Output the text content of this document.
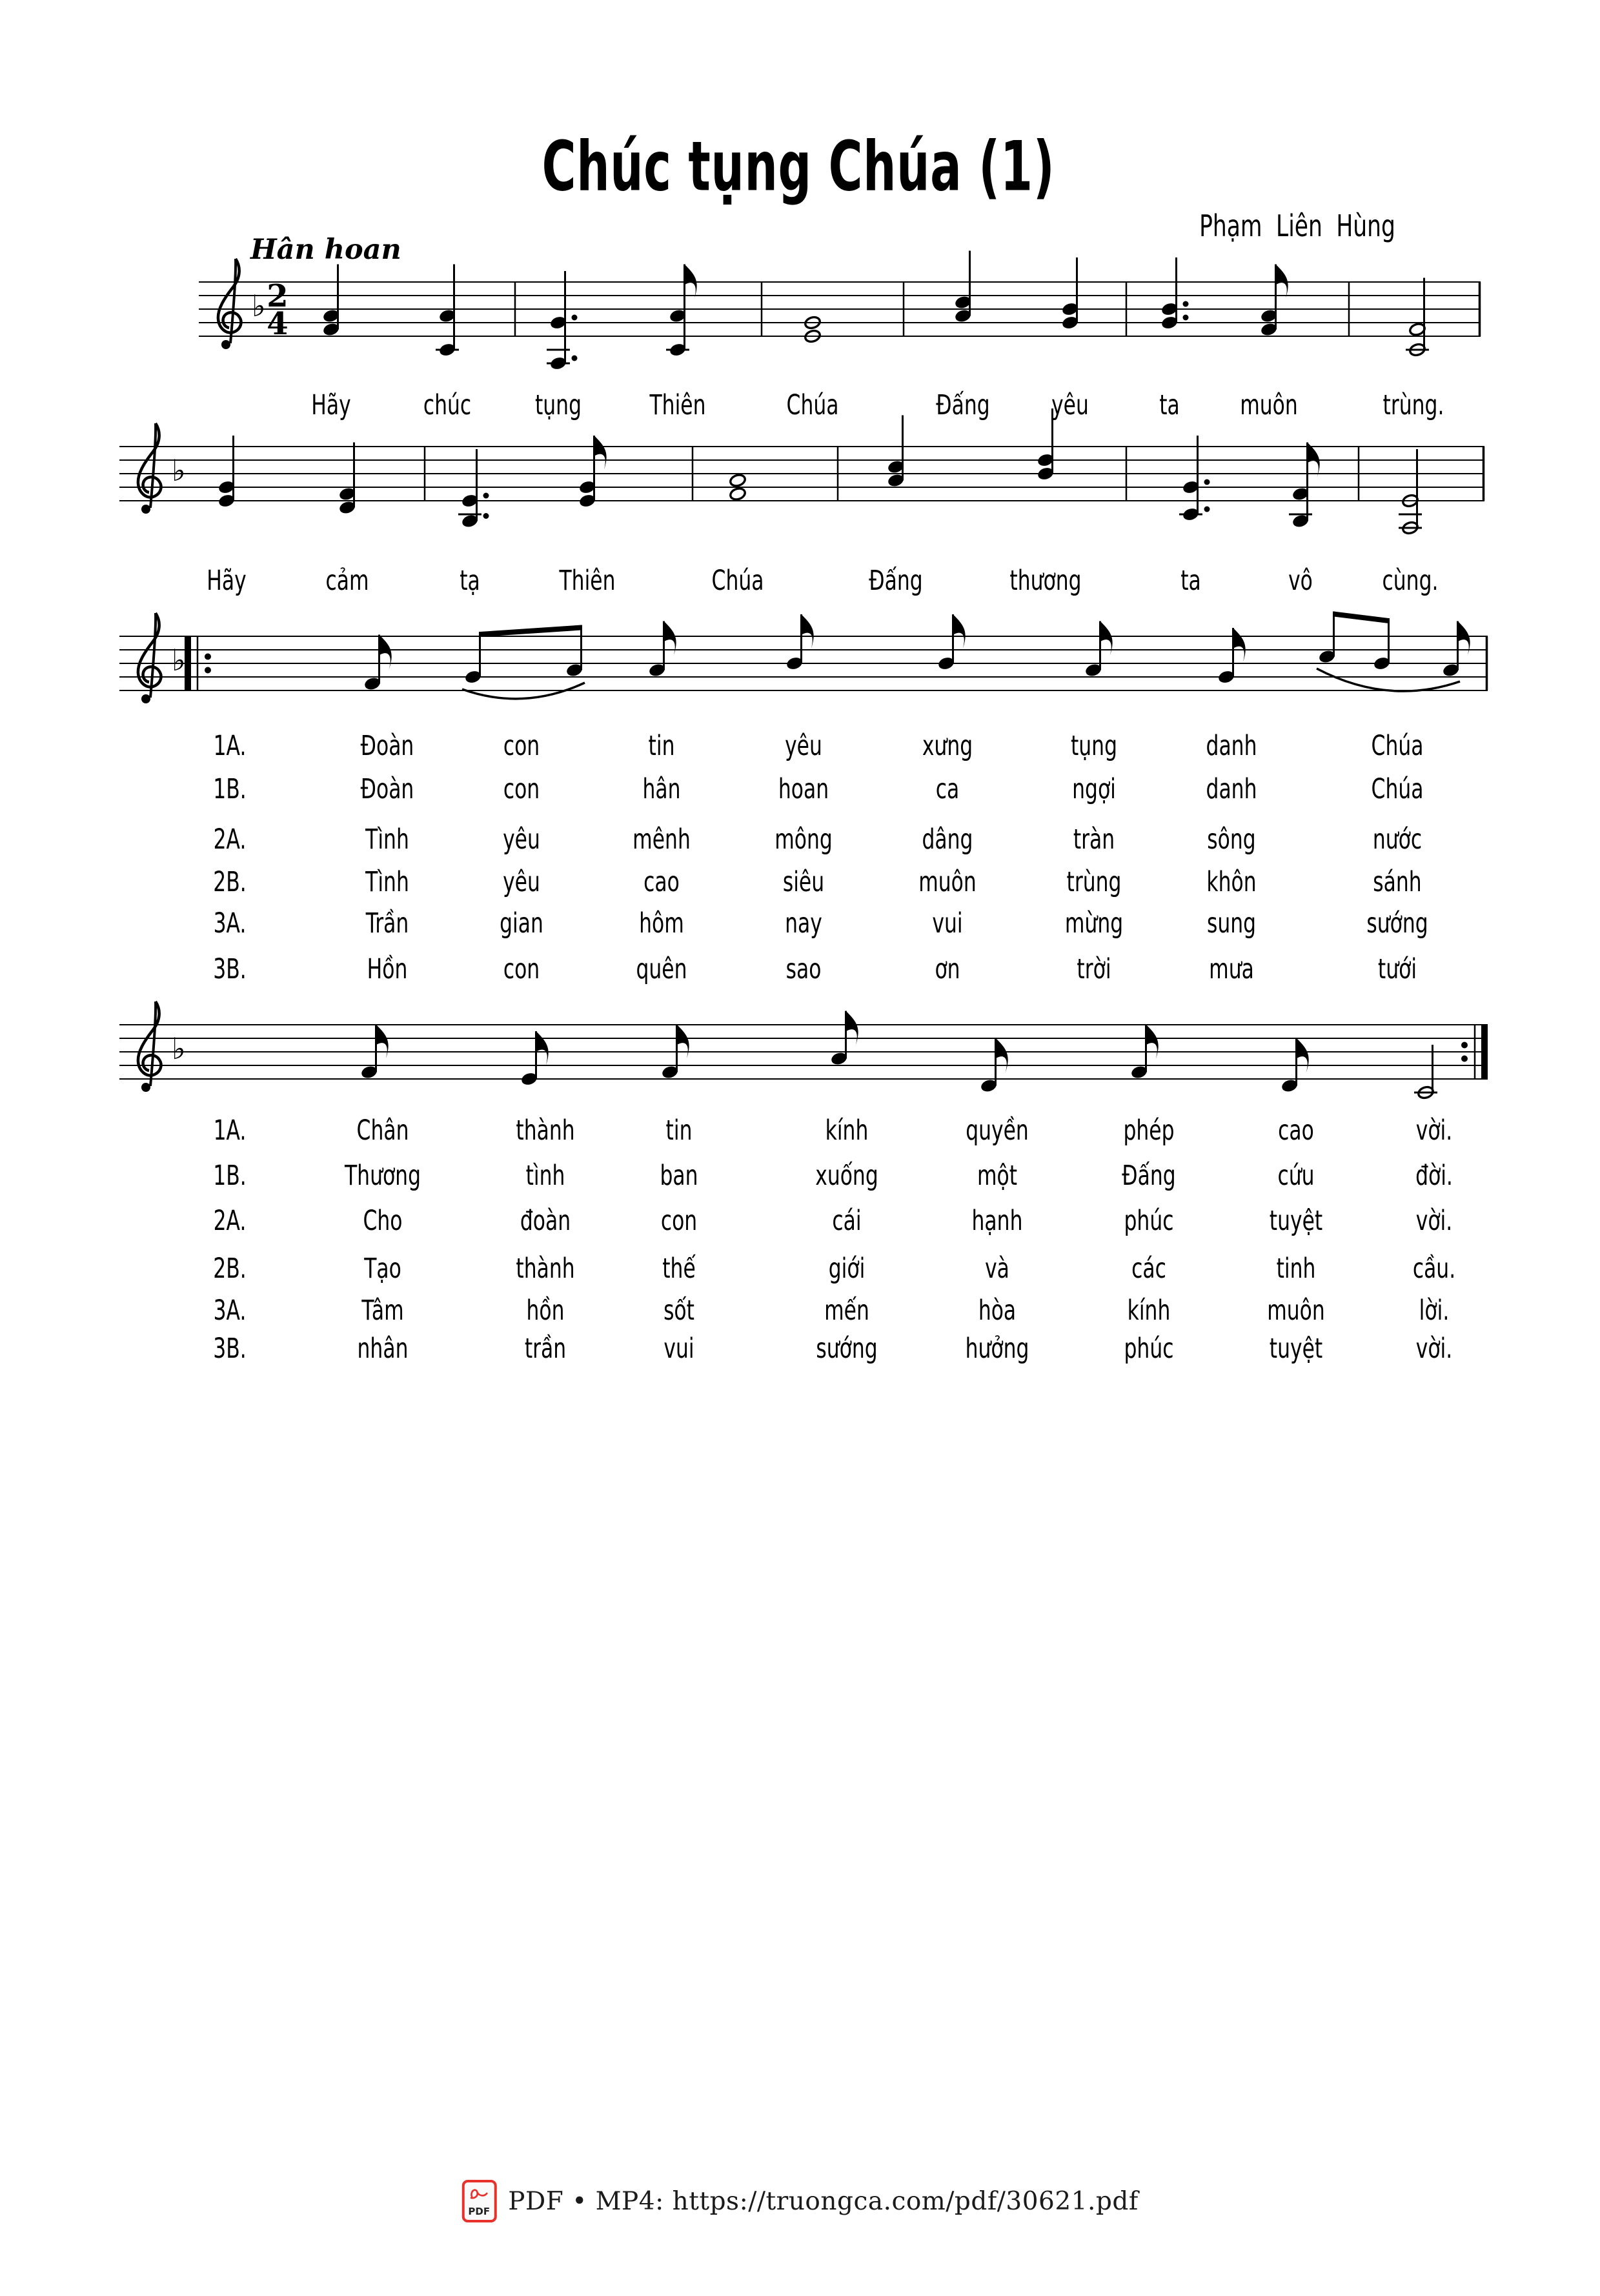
Chúc tụng Chúa (1)
Phạm Liên Hùng
Hân hoan
♭ 2
4
♭
♭
♭
Hãy	chúc	tụng	Thiên	Chúa	Đấng	yêu	ta	muôn	trùng.
Hãy	cảm	tạ	Thiên	Chúa	Đấng	thương	ta	vô	cùng.
1A.	Đoàn	con	tin	yêu	xưng	tụng	danh	Chúa
1B.	Đoàn	con	hân	hoan	ca	ngợi	danh	Chúa
2A.	Tình	yêu	mênh	mông	dâng	tràn	sông	nước
2B.	Tình	yêu	cao	siêu	muôn	trùng	khôn	sánh
3A.	Trần	gian	hôm	nay	vui	mừng	sung	sướng
3B.	Hồn	con	quên	sao	ơn	trời	mưa	tưới
1A.	Chân	thành	tin	kính	quyền	phép	cao	vời.
1B.	Thương	tình	ban	xuống	một	Đấng	cứu	đời.
2A.	Cho	đoàn	con	cái	hạnh	phúc	tuyệt	vời.
2B.	Tạo	thành	thế	giới	và	các	tinh	cầu.
3A.	Tâm	hồn	sốt	mến	hòa	kính	muôn	lời.
3B.	nhân	trần	vui	sướng	hưởng	phúc	tuyệt	vời.
PDF PDF • MP4: https://truongca.com/pdf/30621.pdf
